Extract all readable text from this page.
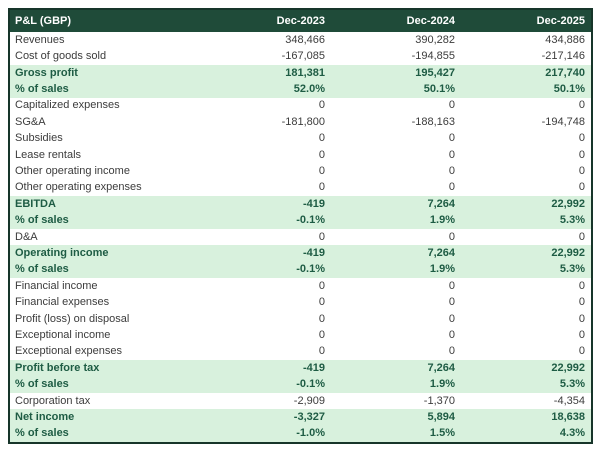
P&L (GBP)	Dec-2023	Dec-2024	Dec-2025
Revenues	348,466	390,282	434,886
Cost of goods sold	-167,085	-194,855	-217,146
Gross profit	181,381	195,427	217,740
% of sales	52.0%	50.1%	50.1%
Capitalized expenses	0	0	0
SG&A	-181,800	-188,163	-194,748
Subsidies	0	0	0
Lease rentals	0	0	0
Other operating income	0	0	0
Other operating expenses	0	0	0
EBITDA	-419	7,264	22,992
% of sales	-0.1%	1.9%	5.3%
D&A	0	0	0
Operating income	-419	7,264	22,992
% of sales	-0.1%	1.9%	5.3%
Financial income	0	0	0
Financial expenses	0	0	0
Profit (loss) on disposal	0	0	0
Exceptional income	0	0	0
Exceptional expenses	0	0	0
Profit before tax	-419	7,264	22,992
% of sales	-0.1%	1.9%	5.3%
Corporation tax	-2,909	-1,370	-4,354
Net income	-3,327	5,894	18,638
% of sales	-1.0%	1.5%	4.3%
